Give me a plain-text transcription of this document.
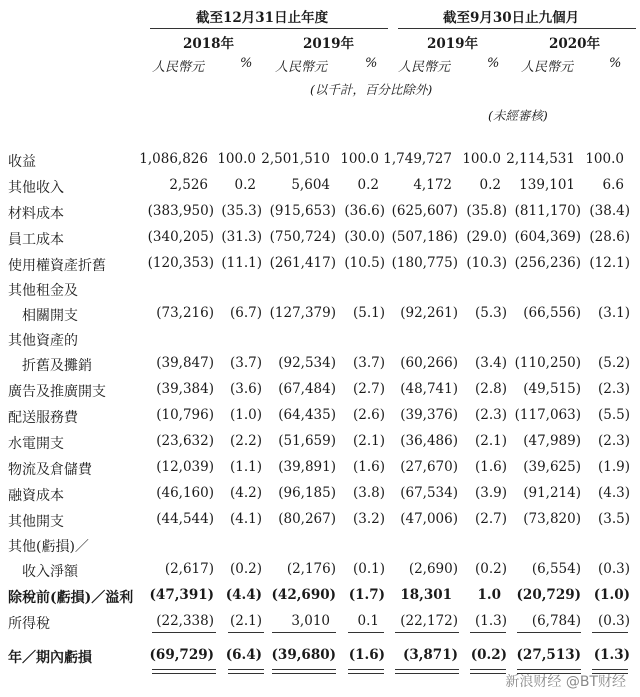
截至12月31日止年度	截至9月30日止九個月
2018年	2019年	2019年	2020年
人民幣元	% 人民幣元	% 人民幣元	% 人民幣元	%
(以千計，百分比除外)
(未經審核)
收益	1,086,826 100.0 2,501,510 100.0 1,749,727 100.0 2,114,531 100.0
其他收入	2,526 0.2	5,604 0.2	4,172 0.2 139,101 6.6
材料成本	(383,950) (35.3) (915,653) (36.6) (625,607) (35.8) (811,170) (38.4)
員工成本	(340,205) (31.3) (750,724) (30.0) (507,186) (29.0) (604,369) (28.6)
使用權資產折舊	(120,353) (11.1) (261,417) (10.5) (180,775) (10.3) (256,236) (12.1)
其他租金及
相關開支	(73,216) (6.7) (127,379) (5.1) (92,261) (5.3) (66,556) (3.1)
其他資產的
折舊及攤銷	(39,847) (3.7) (92,534) (3.7) (60,266) (3.4) (110,250) (5.2)
廣告及推廣開支	(39,384) (3.6) (67,484) (2.7) (48,741) (2.8) (49,515) (2.3)
配送服務費	(10,796) (1.0) (64,435) (2.6) (39,376) (2.3) (117,063) (5.5)
水電開支	(23,632) (2.2) (51,659) (2.1) (36,486) (2.1) (47,989) (2.3)
物流及倉儲費	(12,039) (1.1) (39,891) (1.6) (27,670) (1.6) (39,625) (1.9)
融資成本	(46,160) (4.2) (96,185) (3.8) (67,534) (3.9) (91,214) (4.3)
其他開支	(44,544) (4.1) (80,267) (3.2) (47,006) (2.7) (73,820) (3.5)
其他(虧損)／
收入淨額	(2,617) (0.2) (2,176) (0.1) (2,690) (0.2) (6,554) (0.3)
除稅前(虧損)／溢利 (47,391) (4.4) (42,690) (1.7) 18,301 1.0 (20,729) (1.0)
所得稅	(22,338) (2.1) 3,010 0.1 (22,172) (1.3) (6,784) (0.3)
年／期內虧損	(69,729) (6.4) (39,680) (1.6) (3,871) (0.2) (27,513) (1.3)
新浪财经 @BT财经
